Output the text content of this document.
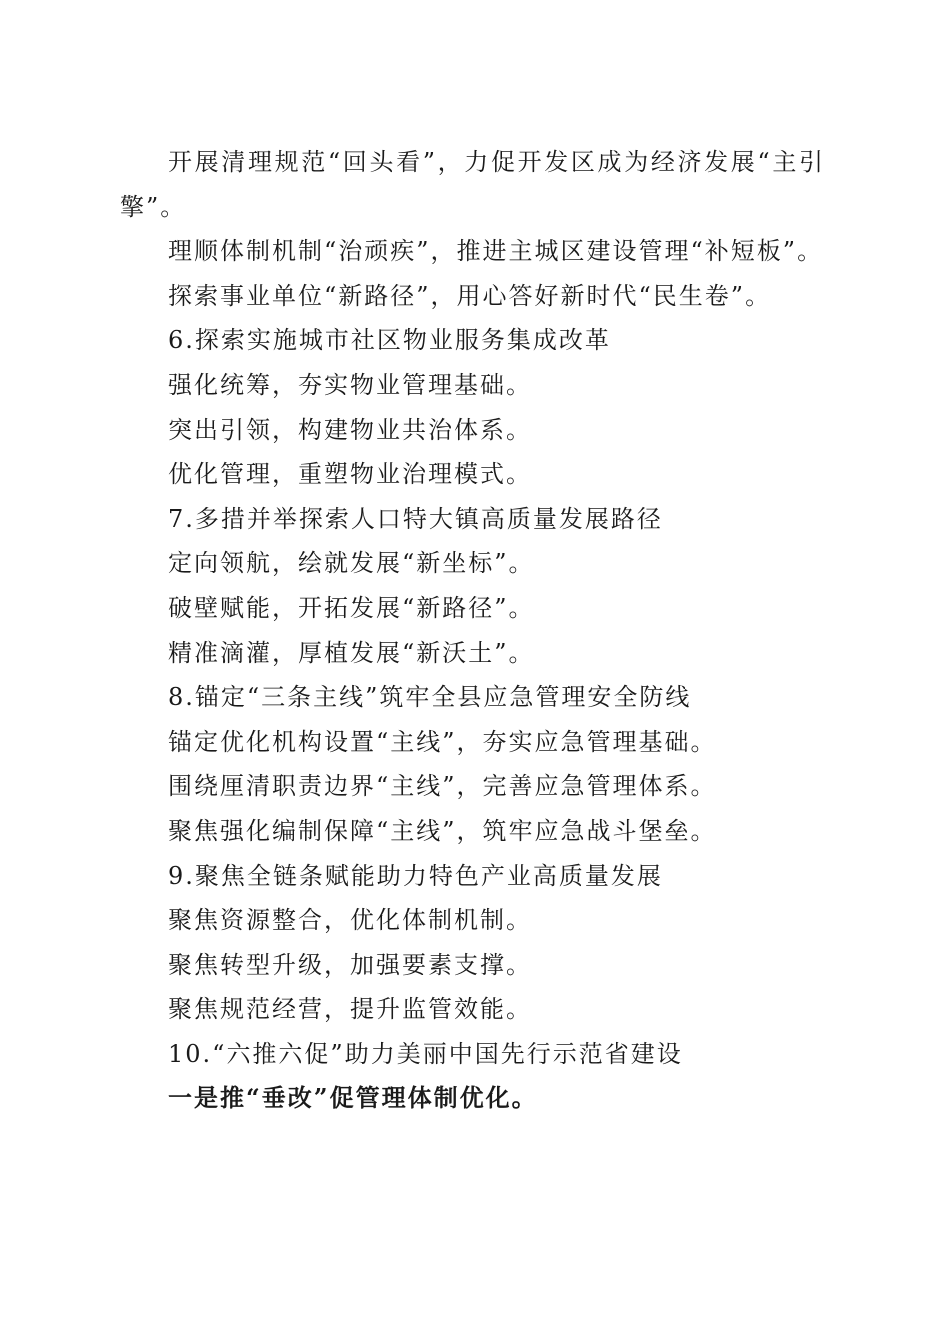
开展清理规范“回头看”，力促开发区成为经济发展“主引擎”。

理顺体制机制“治顽疾”，推进主城区建设管理“补短板”。

探索事业单位“新路径”，用心答好新时代“民生卷”。

6.探索实施城市社区物业服务集成改革

强化统筹，夯实物业管理基础。

突出引领，构建物业共治体系。

优化管理，重塑物业治理模式。

7.多措并举探索人口特大镇高质量发展路径

定向领航，绘就发展“新坐标”。

破壁赋能，开拓发展“新路径”。

精准滴灌，厚植发展“新沃土”。

8.锚定“三条主线”筑牢全县应急管理安全防线

锚定优化机构设置“主线”，夯实应急管理基础。

围绕厘清职责边界“主线”，完善应急管理体系。

聚焦强化编制保障“主线”，筑牢应急战斗堡垒。

9.聚焦全链条赋能助力特色产业高质量发展

聚焦资源整合，优化体制机制。

聚焦转型升级，加强要素支撑。

聚焦规范经营，提升监管效能。

10.“六推六促”助力美丽中国先行示范省建设

一是推“垂改”促管理体制优化。
